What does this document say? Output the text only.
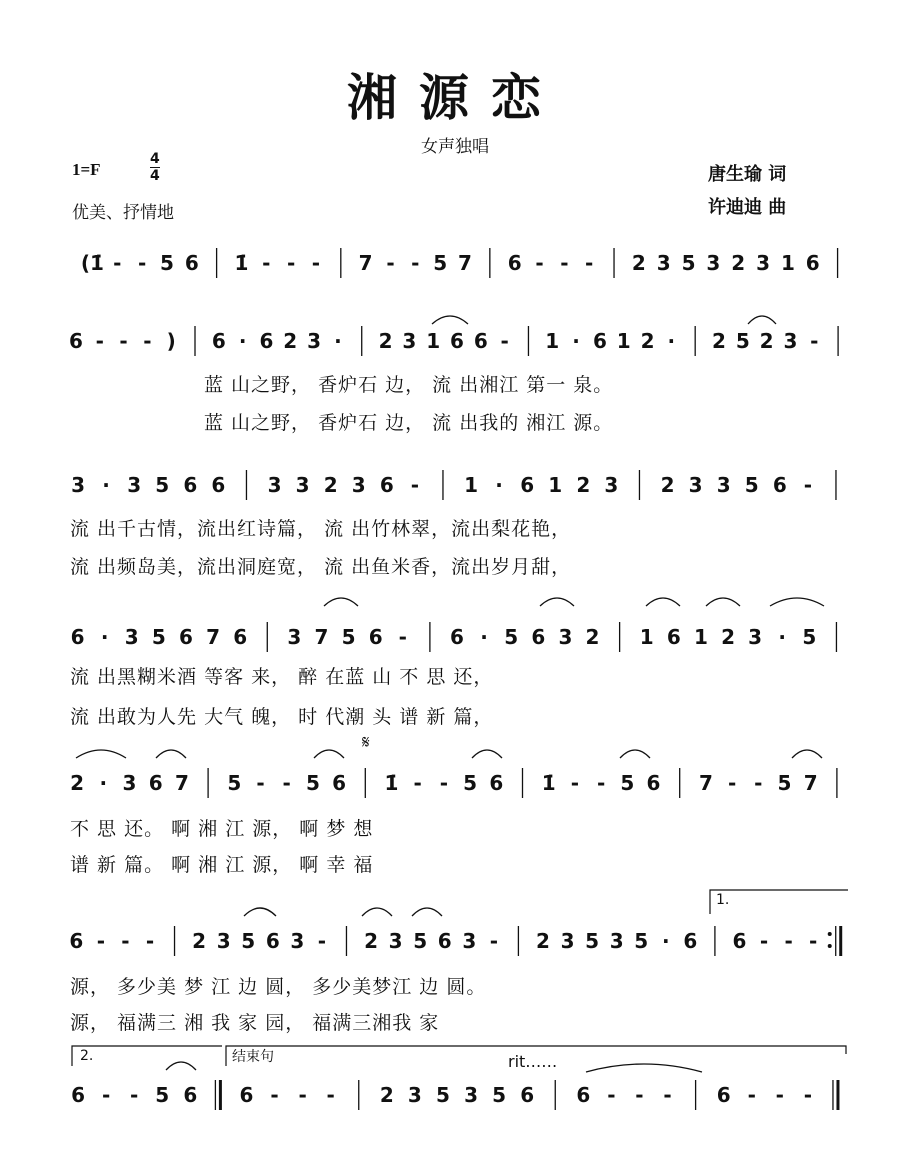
湘源恋
女声独唱
1=F
4
4
优美、抒情地
唐生瑜 词
许迪迪 曲
(1̇ - - 5 6 1̇ - - - 7 - - 5 7 6 - - - 2 3 5 3 2 3 1 6
6 - - - ) 6 · 6 2 3 · 2 3 1 6 6 - 1 · 6 1 2 · 2 5 2 3 -
蓝 山之野， 香炉石 边， 流 出湘江 第一 泉。
蓝 山之野， 香炉石 边， 流 出我的 湘江 源。
3 · 3 5 6 6 3 3 2 3 6 - 1 · 6 1 2 3 2 3 3 5 6 -
流 出千古情，流出红诗篇， 流 出竹林翠，流出梨花艳，
流 出频岛美，流出洞庭宽， 流 出鱼米香，流出岁月甜，
6 · 3 5 6 7 6 3 7 5 6 - 6 · 5 6 3 2 1 6 1 2 3 · 5
流 出黑糊米酒 等客 来， 醉 在蓝 山 不 思 还，
流 出敢为人先 大气 魄， 时 代潮 头 谱 新 篇，
2 · 3 6 7 5 - - 5 6 1̇ - - 5 6 1̇ - - 5 6 7 - - 5 7
𝄋
不 思 还。 啊 湘 江 源， 啊 梦 想
谱 新 篇。 啊 湘 江 源， 啊 幸 福
6 - - - 2 3 5 6 3 - 2 3 5 6 3 - 2 3 5 3 5 · 6 6 - - -
1.
源， 多少美 梦 江 边 圆， 多少美梦江 边 圆。
源， 福满三 湘 我 家 园， 福满三湘我 家
6 - - 5 6 6 - - - 2 3 5 3 5 6 6 - - - 6 - - -
2.	结束句	rit……
